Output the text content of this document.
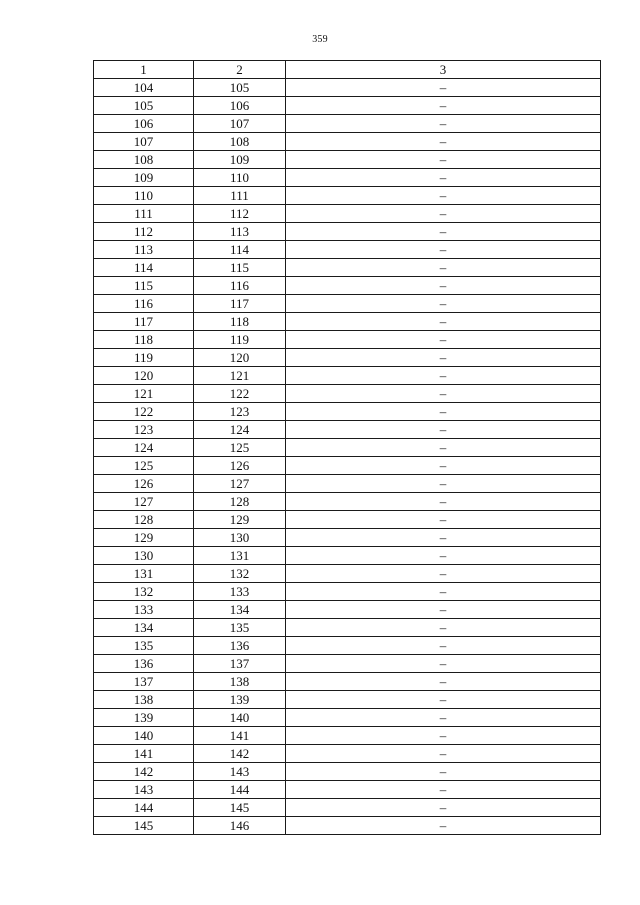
359
1	2	3
104	105	–
105	106	–
106	107	–
107	108	–
108	109	–
109	110	–
110	111	–
111	112	–
112	113	–
113	114	–
114	115	–
115	116	–
116	117	–
117	118	–
118	119	–
119	120	–
120	121	–
121	122	–
122	123	–
123	124	–
124	125	–
125	126	–
126	127	–
127	128	–
128	129	–
129	130	–
130	131	–
131	132	–
132	133	–
133	134	–
134	135	–
135	136	–
136	137	–
137	138	–
138	139	–
139	140	–
140	141	–
141	142	–
142	143	–
143	144	–
144	145	–
145	146	–
